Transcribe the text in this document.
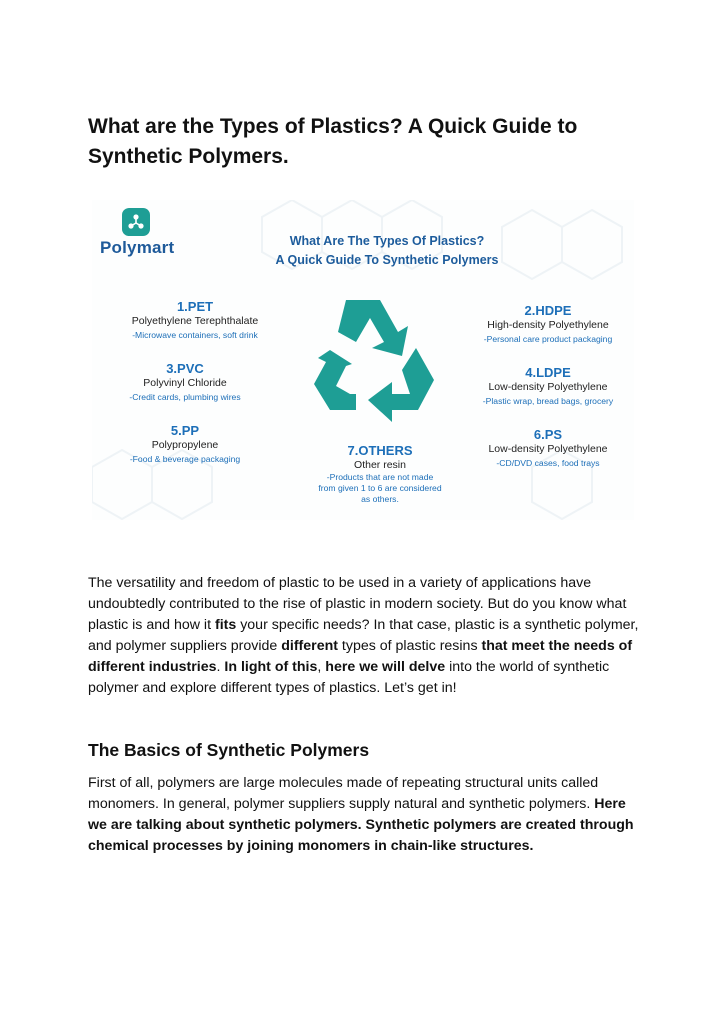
What are the Types of Plastics? A Quick Guide to Synthetic Polymers.
Polymart	What Are The Types Of Plastics?
A Quick Guide To Synthetic Polymers
1.PET
Polyethylene Terephthalate
-Microwave containers, soft drink
3.PVC
Polyvinyl Chloride
-Credit cards, plumbing wires
5.PP
Polypropylene
-Food & beverage packaging
2.HDPE
High-density Polyethylene
-Personal care product packaging
4.LDPE
Low-density Polyethylene
-Plastic wrap, bread bags, grocery
6.PS
Low-density Polyethylene
-CD/DVD cases, food trays
7.OTHERS
Other resin
-Products that are not made
from given 1 to 6 are considered
as others.

The versatility and freedom of plastic to be used in a variety of applications have undoubtedly contributed to the rise of plastic in modern society. But do you know what plastic is and how it fits your specific needs? In that case, plastic is a synthetic polymer, and polymer suppliers provide different types of plastic resins that meet the needs of different industries. In light of this, here we will delve into the world of synthetic polymer and explore different types of plastics. Let’s get in!

The Basics of Synthetic Polymers

First of all, polymers are large molecules made of repeating structural units called monomers. In general, polymer suppliers supply natural and synthetic polymers. Here we are talking about synthetic polymers. Synthetic polymers are created through chemical processes by joining monomers in chain-like structures.
